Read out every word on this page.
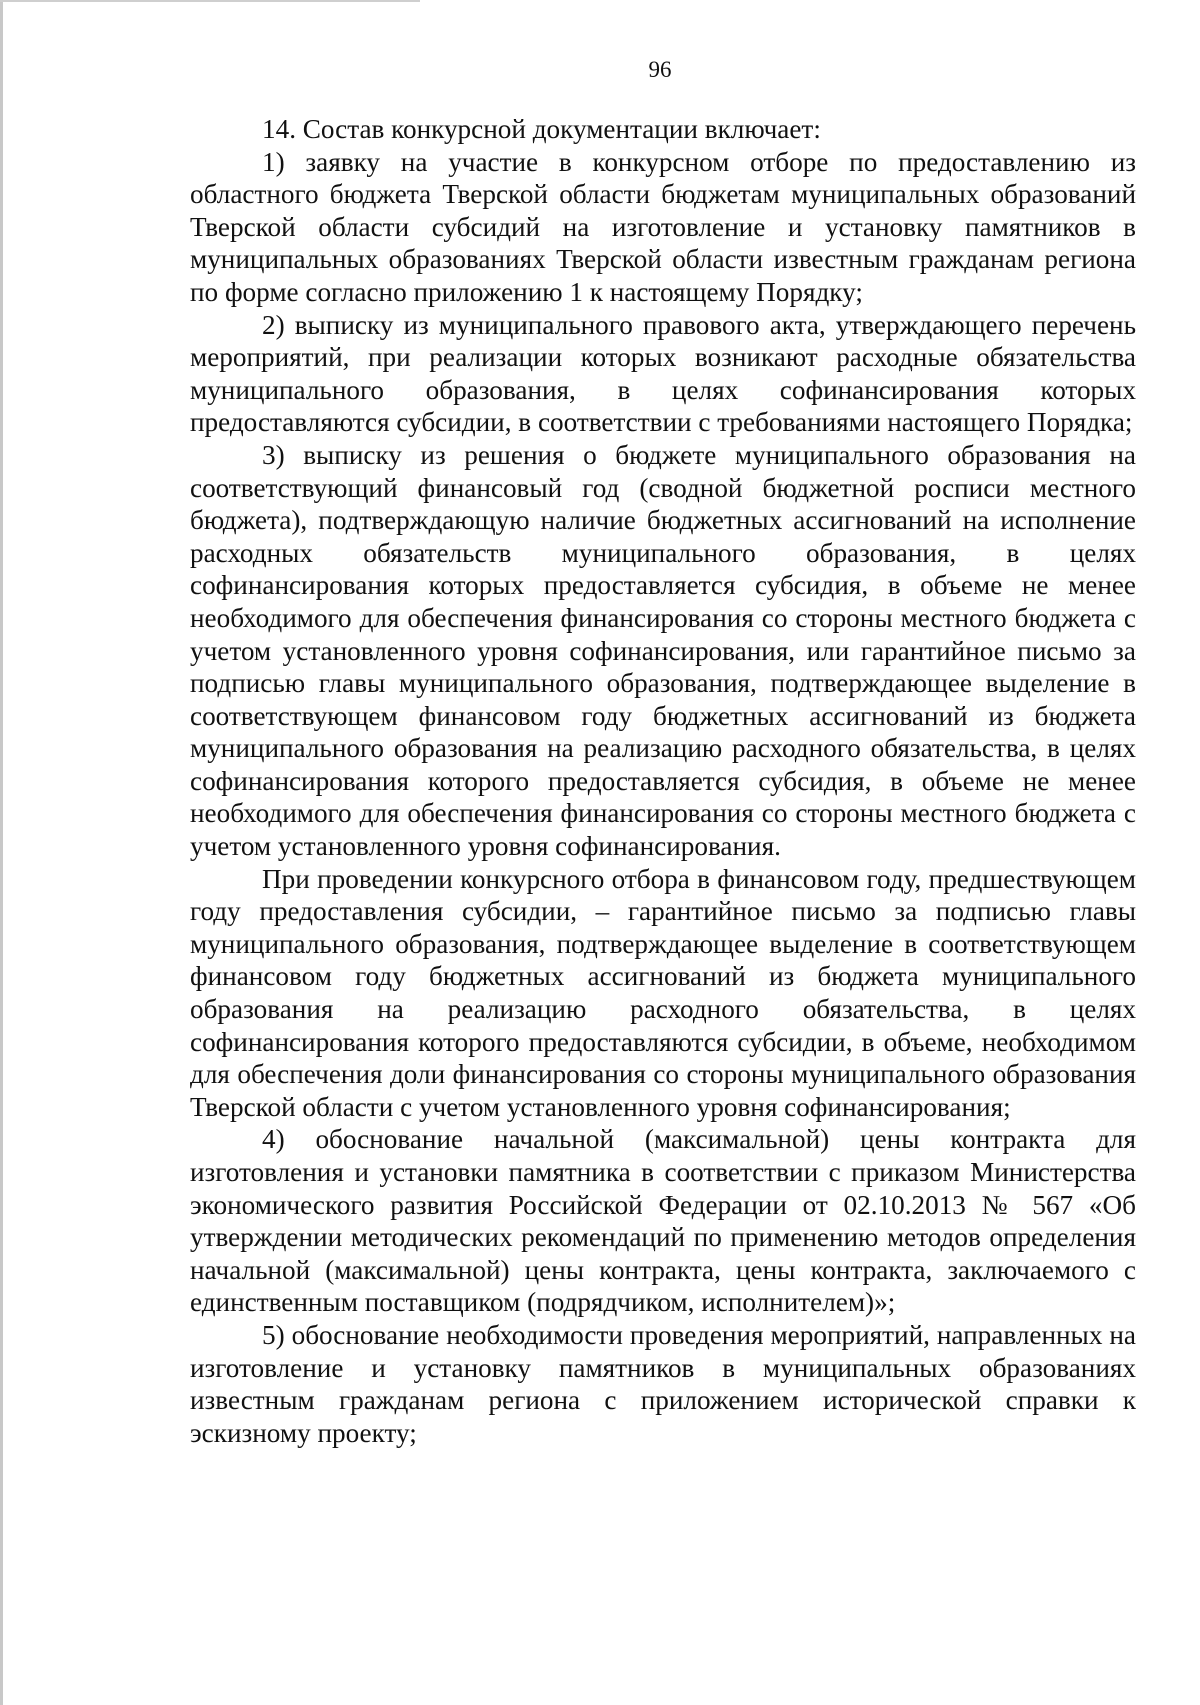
96

14. Состав конкурсной документации включает:

1) заявку на участие в конкурсном отборе по предоставлению из областного бюджета Тверской области бюджетам муниципальных образований Тверской области субсидий на изготовление и установку памятников в муниципальных образованиях Тверской области известным гражданам региона по форме согласно приложению 1 к настоящему Порядку;

2) выписку из муниципального правового акта, утверждающего перечень мероприятий, при реализации которых возникают расходные обязательства муниципального образования, в целях софинансирования которых предоставляются субсидии, в соответствии с требованиями настоящего Порядка;

3) выписку из решения о бюджете муниципального образования на соответствующий финансовый год (сводной бюджетной росписи местного бюджета), подтверждающую наличие бюджетных ассигнований на исполнение расходных обязательств муниципального образования, в целях софинансирования которых предоставляется субсидия, в объеме не менее необходимого для обеспечения финансирования со стороны местного бюджета с учетом установленного уровня софинансирования, или гарантийное письмо за подписью главы муниципального образования, подтверждающее выделение в соответствующем финансовом году бюджетных ассигнований из бюджета муниципального образования на реализацию расходного обязательства, в целях софинансирования которого предоставляется субсидия, в объеме не менее необходимого для обеспечения финансирования со стороны местного бюджета с учетом установленного уровня софинансирования.

При проведении конкурсного отбора в финансовом году, предшествующем году предоставления субсидии, – гарантийное письмо за подписью главы муниципального образования, подтверждающее выделение в соответствующем финансовом году бюджетных ассигнований из бюджета муниципального образования на реализацию расходного обязательства, в целях софинансирования которого предоставляются субсидии, в объеме, необходимом для обеспечения доли финансирования со стороны муниципального образования Тверской области с учетом установленного уровня софинансирования;

4) обоснование начальной (максимальной) цены контракта для изготовления и установки памятника в соответствии с приказом Министерства экономического развития Российской Федерации от 02.10.2013 № 567 «Об утверждении методических рекомендаций по применению методов определения начальной (максимальной) цены контракта, цены контракта, заключаемого с единственным поставщиком (подрядчиком, исполнителем)»;

5) обоснование необходимости проведения мероприятий, направленных на изготовление и установку памятников в муниципальных образованиях известным гражданам региона с приложением исторической справки к эскизному проекту;
